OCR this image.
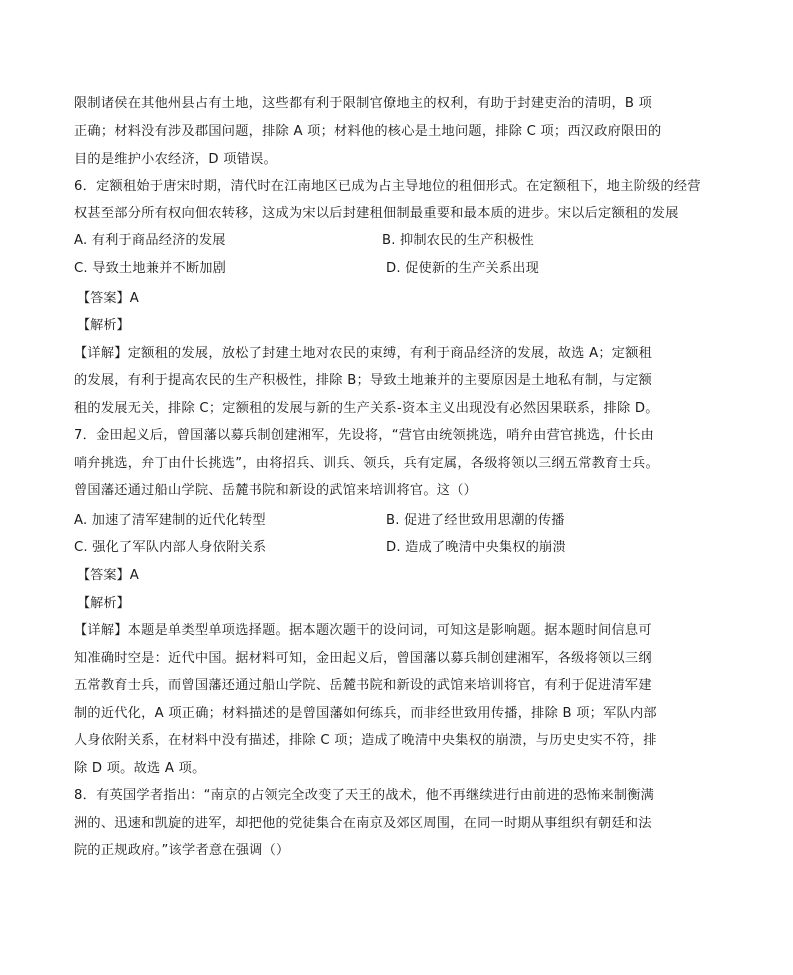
限制诸侯在其他州县占有土地，这些都有利于限制官僚地主的权利，有助于封建吏治的清明，B 项
正确；材料没有涉及郡国问题，排除 A 项；材料他的核心是土地问题，排除 C 项；西汉政府限田的
目的是维护小农经济，D 项错误。
6．定额租始于唐宋时期，清代时在江南地区已成为占主导地位的租佃形式。在定额租下，地主阶级的经营
权甚至部分所有权向佃农转移，这成为宋以后封建租佃制最重要和最本质的进步。宋以后定额租的发展
A. 有利于商品经济的发展	B. 抑制农民的生产积极性
C. 导致土地兼并不断加剧	D. 促使新的生产关系出现
【答案】A
【解析】
【详解】定额租的发展，放松了封建土地对农民的束缚，有利于商品经济的发展，故选 A；定额租
的发展，有利于提高农民的生产积极性，排除 B；导致土地兼并的主要原因是土地私有制，与定额
租的发展无关，排除 C；定额租的发展与新的生产关系-资本主义出现没有必然因果联系，排除 D。
7．金田起义后，曾国藩以募兵制创建湘军，先设将，“营官由统领挑选，哨弁由营官挑选，什长由
哨弁挑选，弁丁由什长挑选”，由将招兵、训兵、领兵，兵有定属，各级将领以三纲五常教育士兵。
曾国藩还通过船山学院、岳麓书院和新设的武馆来培训将官。这（）
A. 加速了清军建制的近代化转型	B. 促进了经世致用思潮的传播
C. 强化了军队内部人身依附关系	D. 造成了晚清中央集权的崩溃
【答案】A
【解析】
【详解】本题是单类型单项选择题。据本题次题干的设问词，可知这是影响题。据本题时间信息可
知准确时空是：近代中国。据材料可知，金田起义后，曾国藩以募兵制创建湘军，各级将领以三纲
五常教育士兵，而曾国藩还通过船山学院、岳麓书院和新设的武馆来培训将官，有利于促进清军建
制的近代化，A 项正确；材料描述的是曾国藩如何练兵，而非经世致用传播，排除 B 项；军队内部
人身依附关系，在材料中没有描述，排除 C 项；造成了晚清中央集权的崩溃，与历史史实不符，排
除 D 项。故选 A 项。
8．有英国学者指出：“南京的占领完全改变了天王的战术，他不再继续进行由前进的恐怖来制衡满
洲的、迅速和凯旋的进军，却把他的党徒集合在南京及郊区周围，在同一时期从事组织有朝廷和法
院的正规政府。”该学者意在强调（）
